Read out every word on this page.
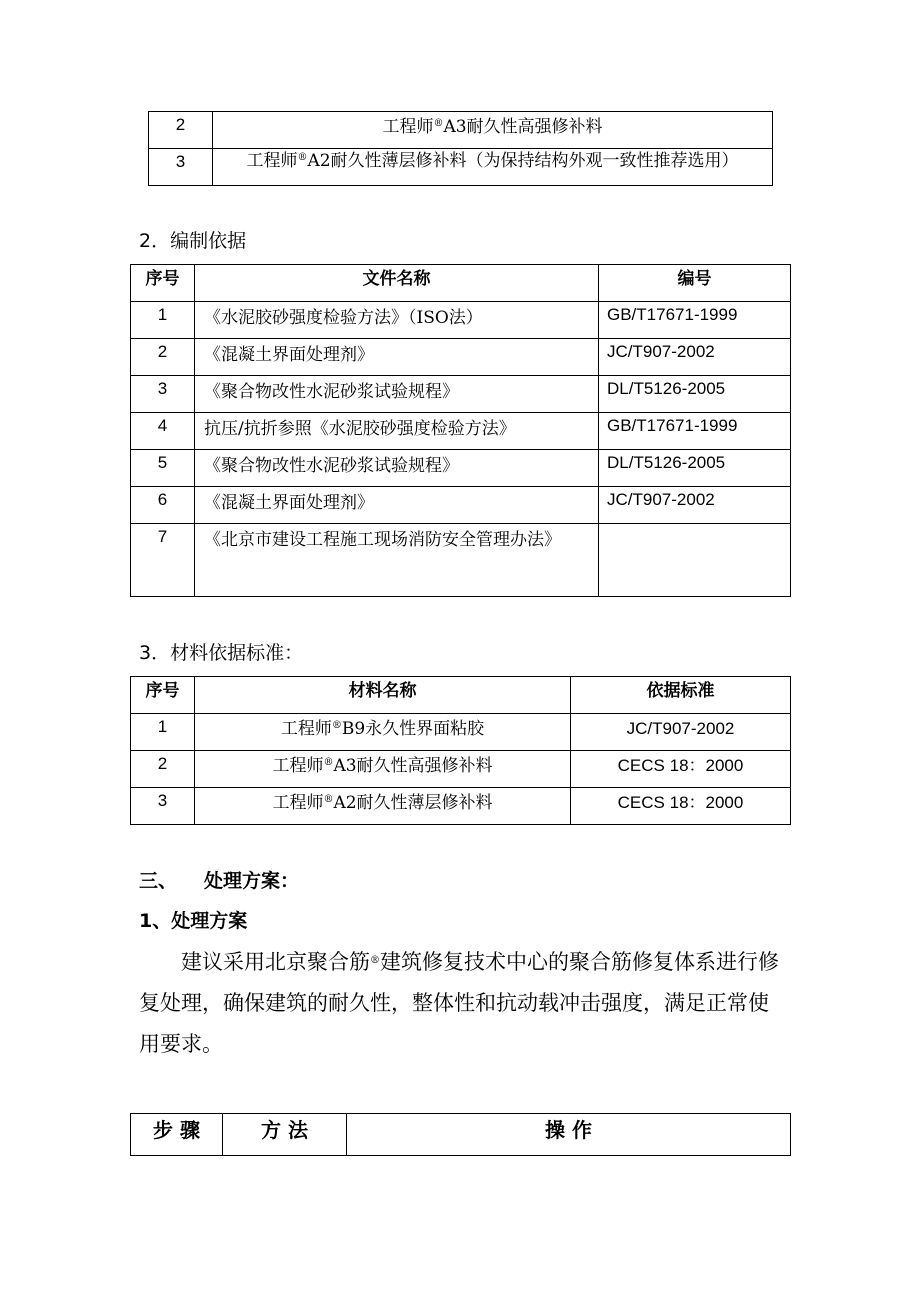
2	工程师®A3耐久性高强修补料
3	工程师®A2耐久性薄层修补料（为保持结构外观一致性推荐选用）
2．编制依据
序号	文件名称	编号
1	《水泥胶砂强度检验方法》（ISO法）	GB/T17671-1999
2	《混凝土界面处理剂》	JC/T907-2002
3	《聚合物改性水泥砂浆试验规程》	DL/T5126-2005
4	抗压/抗折参照《水泥胶砂强度检验方法》	GB/T17671-1999
5	《聚合物改性水泥砂浆试验规程》	DL/T5126-2005
6	《混凝土界面处理剂》	JC/T907-2002
7	《北京市建设工程施工现场消防安全管理办法》	
3．材料依据标准：
序号	材料名称	依据标准
1	工程师®B9永久性界面粘胶	JC/T907-2002
2	工程师®A3耐久性高强修补料	CECS 18：2000
3	工程师®A2耐久性薄层修补料	CECS 18：2000
三、 处理方案：
1、处理方案
建议采用北京聚合筋®建筑修复技术中心的聚合筋修复体系进行修复处理，确保建筑的耐久性，整体性和抗动载冲击强度，满足正常使用要求。
步 骤	方 法	操 作
